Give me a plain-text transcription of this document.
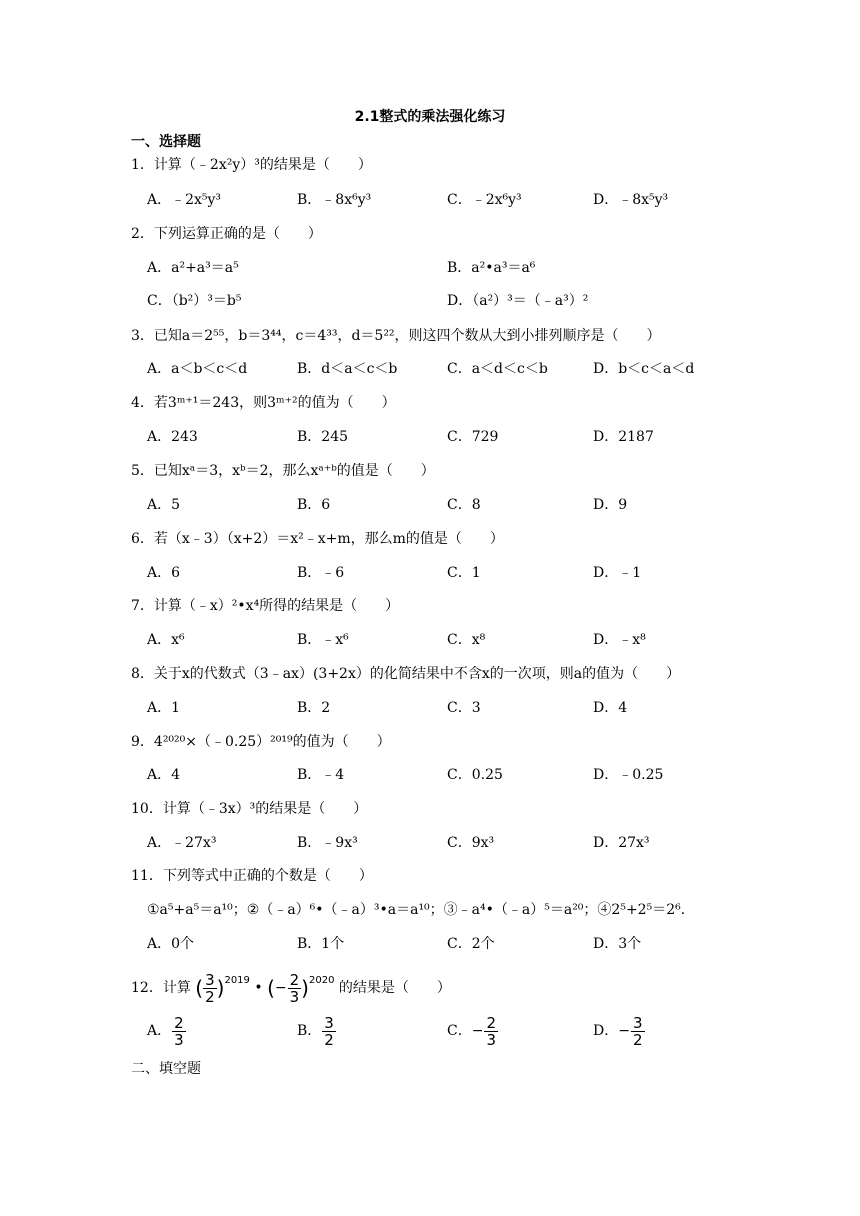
2.1整式的乘法强化练习
一、选择题
1．计算（﹣2x²y）³的结果是（　　）
A．﹣2x⁵y³	B．﹣8x⁶y³	C．﹣2x⁶y³	D．﹣8x⁵y³
2．下列运算正确的是（　　）
A．a²+a³＝a⁵	B．a²•a³＝a⁶
C．（b²）³＝b⁵	D．（a²）³＝（﹣a³）²
3．已知a＝2⁵⁵，b＝3⁴⁴，c＝4³³，d＝5²²，则这四个数从大到小排列顺序是（　　）
A．a＜b＜c＜d	B．d＜a＜c＜b	C．a＜d＜c＜b	D．b＜c＜a＜d
4．若3ᵐ⁺¹＝243，则3ᵐ⁺²的值为（　　）
A．243	B．245	C．729	D．2187
5．已知xᵃ＝3，xᵇ＝2，那么xᵃ⁺ᵇ的值是（　　）
A．5	B．6	C．8	D．9
6．若（x﹣3）（x+2）＝x²﹣x+m，那么m的值是（　　）
A．6	B．﹣6	C．1	D．﹣1
7．计算（﹣x）²•x⁴所得的结果是（　　）
A．x⁶	B．﹣x⁶	C．x⁸	D．﹣x⁸
8．关于x的代数式（3﹣ax）(3+2x）的化简结果中不含x的一次项，则a的值为（　　）
A．1	B．2	C．3	D．4
9．4²⁰²⁰×（﹣0.25）²⁰¹⁹的值为（　　）
A．4	B．﹣4	C．0.25	D．﹣0.25
10．计算（﹣3x）³的结果是（　　）
A．﹣27x³	B．﹣9x³	C．9x³	D．27x³
11．下列等式中正确的个数是（　　）
①a⁵+a⁵＝a¹⁰；②（﹣a）⁶•（﹣a）³•a＝a¹⁰；③﹣a⁴•（﹣a）⁵＝a²⁰；④2⁵+2⁵＝2⁶．
A．0个	B．1个	C．2个	D．3个
12．计算 ( $\frac{3}{2} )^{2019}$ • (− $\frac{2}{3} )^{2020}$ 的结果是（　　）
A． $\frac{2}{3}$	B． $\frac{3}{2}$	C．− $\frac{2}{3}$	D．− $\frac{3}{2}$
二、填空题
